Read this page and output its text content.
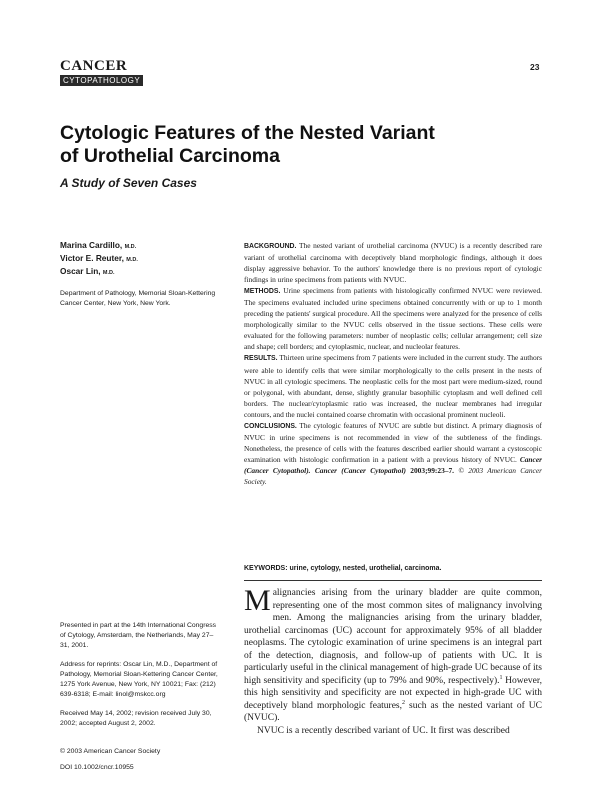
CANCER
CYTOPATHOLOGY
23
Cytologic Features of the Nested Variant
of Urothelial Carcinoma
A Study of Seven Cases
Marina Cardillo, M.D.
Victor E. Reuter, M.D.
Oscar Lin, M.D.
Department of Pathology, Memorial Sloan-Kettering Cancer Center, New York, New York.

BACKGROUND. The nested variant of urothelial carcinoma (NVUC) is a recently described rare variant of urothelial carcinoma with deceptively bland morphologic findings, although it does display aggressive behavior. To the authors' knowledge there is no previous report of cytologic findings in urine specimens from patients with NVUC.

METHODS. Urine specimens from patients with histologically confirmed NVUC were reviewed. The specimens evaluated included urine specimens obtained concurrently with or up to 1 month preceding the patients' surgical procedure. All the specimens were analyzed for the presence of cells morphologically similar to the NVUC cells observed in the tissue sections. These cells were evaluated for the following parameters: number of neoplastic cells; cellular arrangement; cell size and shape; cell borders; and cytoplasmic, nuclear, and nucleolar features.

RESULTS. Thirteen urine specimens from 7 patients were included in the current study. The authors were able to identify cells that were similar morphologically to the cells present in the nests of NVUC in all cytologic specimens. The neoplastic cells for the most part were medium-sized, round or polygonal, with abundant, dense, slightly granular basophilic cytoplasm and well defined cell borders. The nuclear/cytoplasmic ratio was increased, the nuclear membranes had irregular contours, and the nuclei contained coarse chromatin with occasional prominent nucleoli.

CONCLUSIONS. The cytologic features of NVUC are subtle but distinct. A primary diagnosis of NVUC in urine specimens is not recommended in view of the subtleness of the findings. Nonetheless, the presence of cells with the features described earlier should warrant a cystoscopic examination with histologic confirmation in a patient with a previous history of NVUC. Cancer (Cancer Cytopathol). Cancer (Cancer Cytopathol) 2003;99:23–7. © 2003 American Cancer Society.

KEYWORDS: urine, cytology, nested, urothelial, carcinoma.

Malignancies arising from the urinary bladder are quite common, representing one of the most common sites of malignancy involving men. Among the malignancies arising from the urinary bladder, urothelial carcinomas (UC) account for approximately 95% of all bladder neoplasms. The cytologic examination of urine specimens is an integral part of the detection, diagnosis, and follow-up of patients with UC. It is particularly useful in the clinical management of high-grade UC because of its high sensitivity and specificity (up to 79% and 90%, respectively).$^1$ However, this high sensitivity and specificity are not expected in high-grade UC with deceptively bland morphologic features,$^2$ such as the nested variant of UC (NVUC).

NVUC is a recently described variant of UC. It first was described

Presented in part at the 14th International Congress of Cytology, Amsterdam, the Netherlands, May 27–31, 2001.

Address for reprints: Oscar Lin, M.D., Department of Pathology, Memorial Sloan-Kettering Cancer Center, 1275 York Avenue, New York, NY 10021; Fax: (212) 639-6318; E-mail: linol@mskcc.org

Received May 14, 2002; revision received July 30, 2002; accepted August 2, 2002.

© 2003 American Cancer Society
DOI 10.1002/cncr.10955
